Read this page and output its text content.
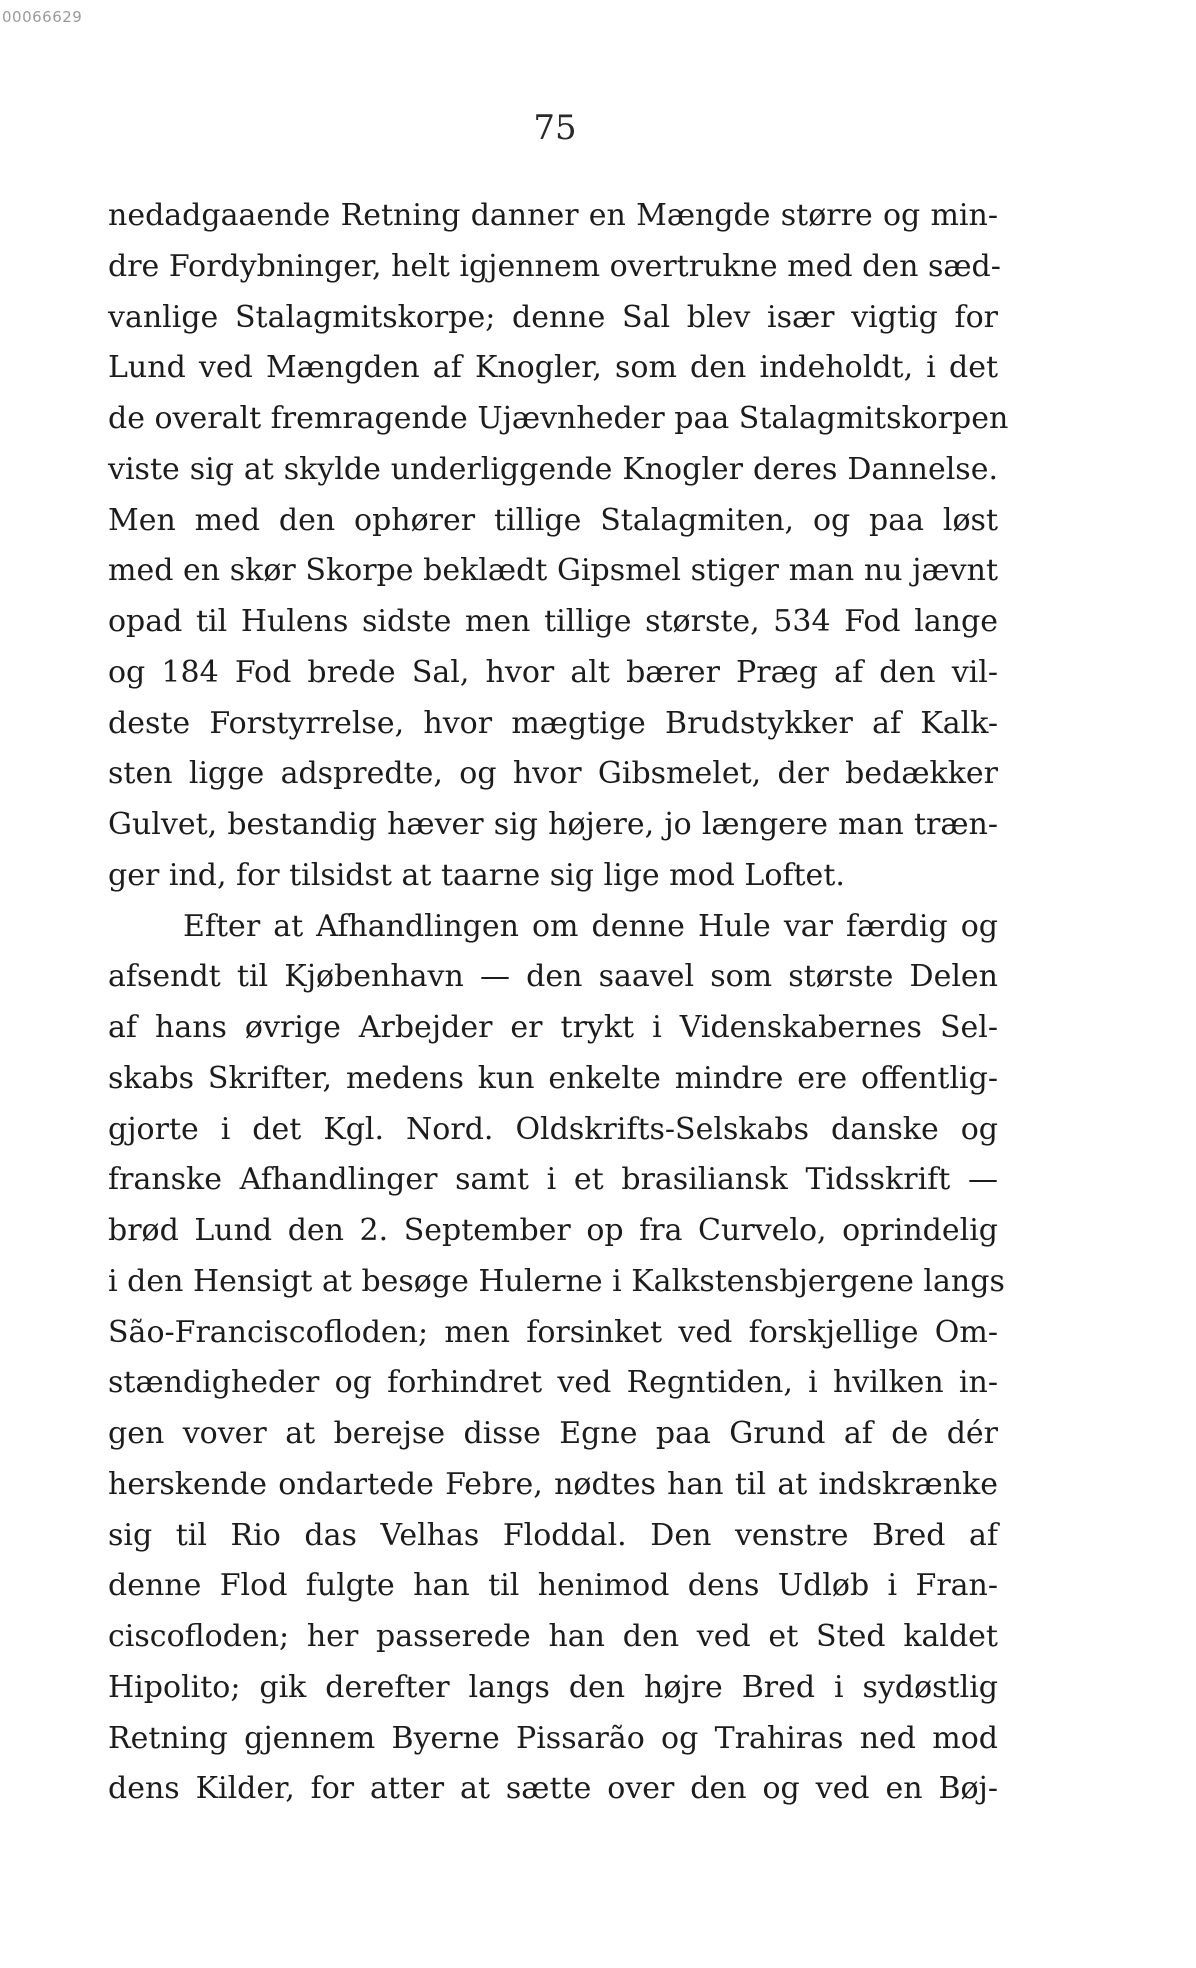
00066629
75
nedadgaaende Retning danner en Mængde større og min-
dre Fordybninger, helt igjennem overtrukne med den sæd-
vanlige Stalagmitskorpe; denne Sal blev især vigtig for
Lund ved Mængden af Knogler, som den indeholdt, i det
de overalt fremragende Ujævnheder paa Stalagmitskorpen
viste sig at skylde underliggende Knogler deres Dannelse.
Men med den ophører tillige Stalagmiten, og paa løst
med en skør Skorpe beklædt Gipsmel stiger man nu jævnt
opad til Hulens sidste men tillige største, 534 Fod lange
og 184 Fod brede Sal, hvor alt bærer Præg af den vil-
deste Forstyrrelse, hvor mægtige Brudstykker af Kalk-
sten ligge adspredte, og hvor Gibsmelet, der bedækker
Gulvet, bestandig hæver sig højere, jo længere man træn-
ger ind, for tilsidst at taarne sig lige mod Loftet.
Efter at Afhandlingen om denne Hule var færdig og
afsendt til Kjøbenhavn — den saavel som største Delen
af hans øvrige Arbejder er trykt i Videnskabernes Sel-
skabs Skrifter, medens kun enkelte mindre ere offentlig-
gjorte i det Kgl. Nord. Oldskrifts-Selskabs danske og
franske Afhandlinger samt i et brasiliansk Tidsskrift —
brød Lund den 2. September op fra Curvelo, oprindelig
i den Hensigt at besøge Hulerne i Kalkstensbjergene langs
São-Franciscofloden; men forsinket ved forskjellige Om-
stændigheder og forhindret ved Regntiden, i hvilken in-
gen vover at berejse disse Egne paa Grund af de dér
herskende ondartede Febre, nødtes han til at indskrænke
sig til Rio das Velhas Floddal. Den venstre Bred af
denne Flod fulgte han til henimod dens Udløb i Fran-
ciscofloden; her passerede han den ved et Sted kaldet
Hipolito; gik derefter langs den højre Bred i sydøstlig
Retning gjennem Byerne Pissarão og Trahiras ned mod
dens Kilder, for atter at sætte over den og ved en Bøj-
